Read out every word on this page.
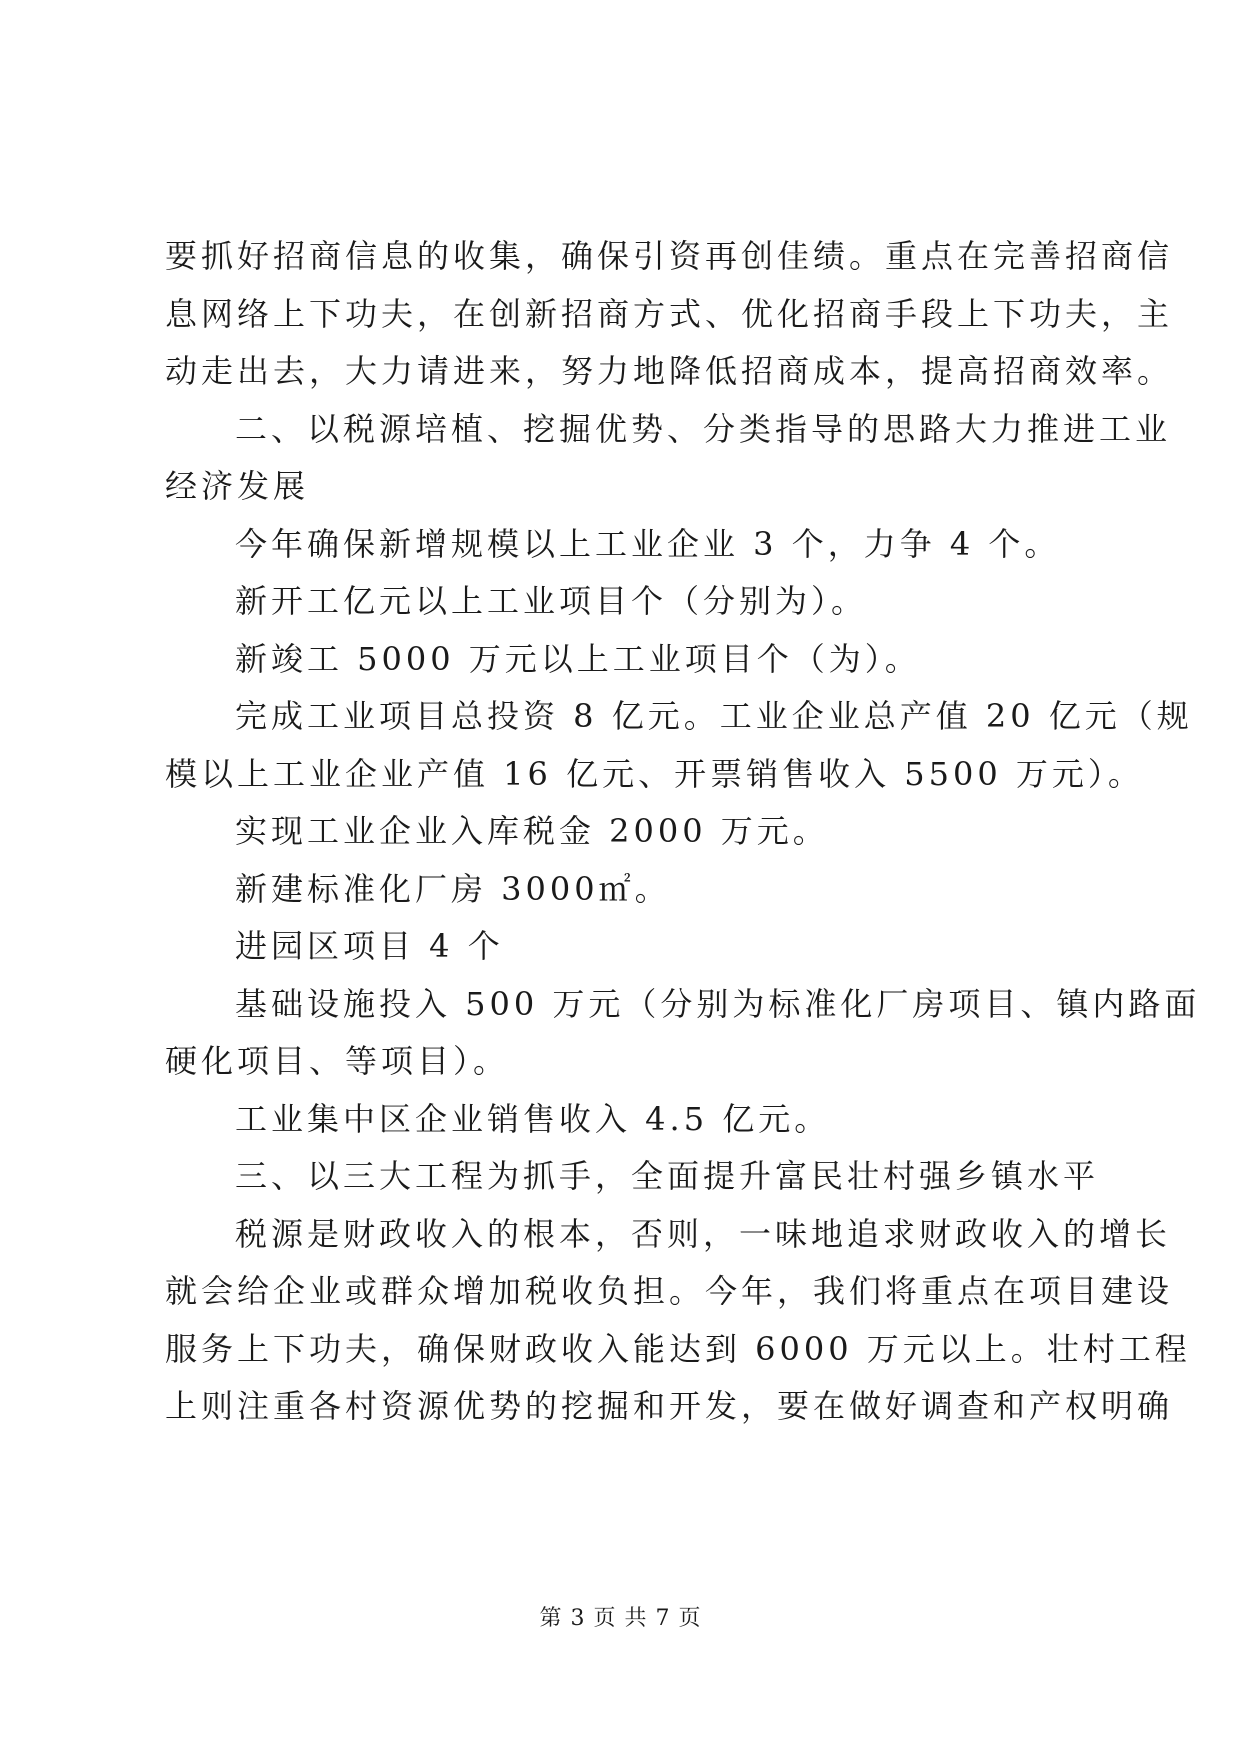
要抓好招商信息的收集，确保引资再创佳绩。重点在完善招商信
息网络上下功夫，在创新招商方式、优化招商手段上下功夫，主
动走出去，大力请进来，努力地降低招商成本，提高招商效率。
二、以税源培植、挖掘优势、分类指导的思路大力推进工业
经济发展
今年确保新增规模以上工业企业 3 个，力争 4 个。
新开工亿元以上工业项目个（分别为）。
新竣工 5000 万元以上工业项目个（为）。
完成工业项目总投资 8 亿元。工业企业总产值 20 亿元（规
模以上工业企业产值 16 亿元、开票销售收入 5500 万元）。
实现工业企业入库税金 2000 万元。
新建标准化厂房 3000㎡。
进园区项目 4 个
基础设施投入 500 万元（分别为标准化厂房项目、镇内路面
硬化项目、等项目）。
工业集中区企业销售收入 4.5 亿元。
三、以三大工程为抓手，全面提升富民壮村强乡镇水平
税源是财政收入的根本，否则，一味地追求财政收入的增长
就会给企业或群众增加税收负担。今年，我们将重点在项目建设
服务上下功夫，确保财政收入能达到 6000 万元以上。壮村工程
上则注重各村资源优势的挖掘和开发，要在做好调查和产权明确
第 3 页 共 7 页
